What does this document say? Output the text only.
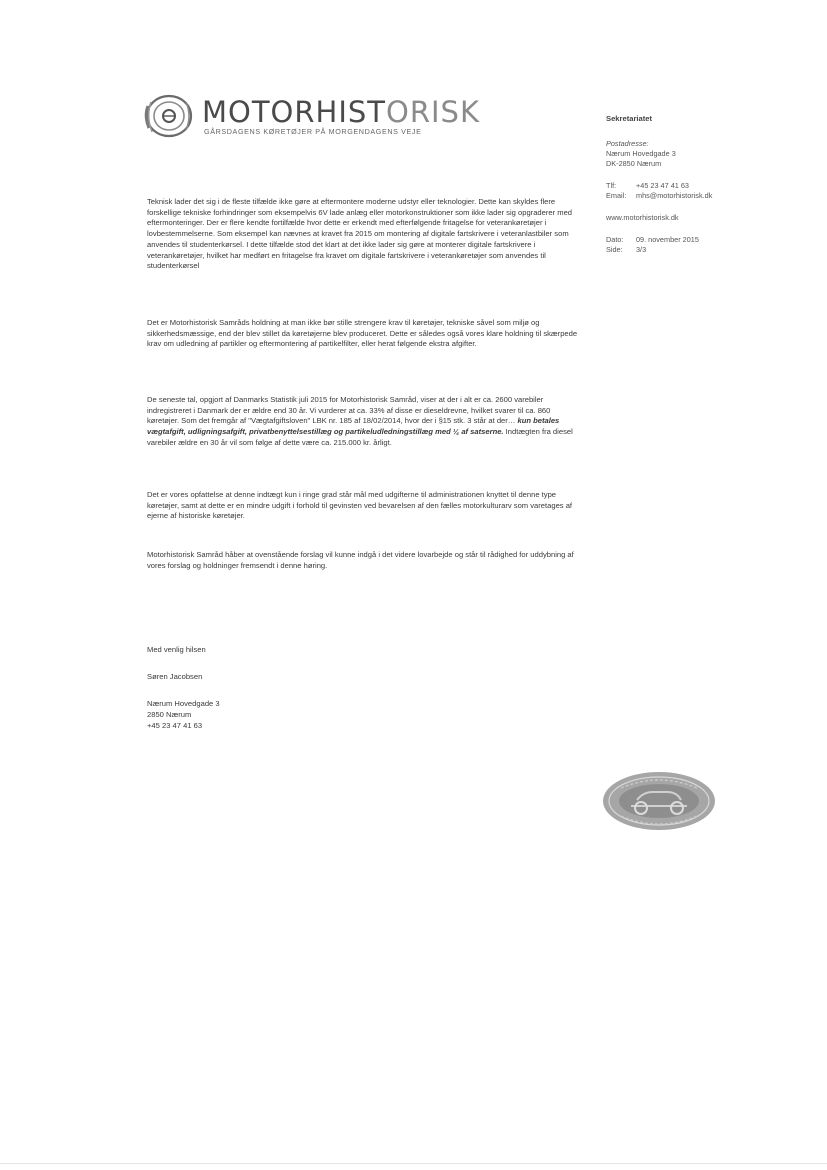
MOTORHISTORISK
GÅRSDAGENS KØRETØJER PÅ MORGENDAGENS VEJE
Sekretariatet
Postadresse:
Nærum Hovedgade 3
DK-2850 Nærum
Tlf:	+45 23 47 41 63
Email: mhs@motorhistorisk.dk
www.motorhistorisk.dk
Dato: 09. november 2015
Side: 3/3

Teknisk lader det sig i de fleste tilfælde ikke gøre at eftermontere moderne udstyr eller teknologier. Dette kan skyldes flere forskellige tekniske forhindringer som eksempelvis 6V lade anlæg eller motorkonstruktioner som ikke lader sig opgraderer med eftermonteringer. Der er flere kendte fortilfælde hvor dette er erkendt med efterfølgende fritagelse for veterankøretøjer i lovbestemmelserne. Som eksempel kan nævnes at kravet fra 2015 om montering af digitale fartskrivere i veteranlastbiler som anvendes til studenterkørsel. I dette tilfælde stod det klart at det ikke lader sig gøre at monterer digitale fartskrivere i veterankøretøjer, hvilket har medført en fritagelse fra kravet om digitale fartskrivere i veterankøretøjer som anvendes til studenterkørsel

Det er Motorhistorisk Samråds holdning at man ikke bør stille strengere krav til køretøjer, tekniske såvel som miljø og sikkerhedsmæssige, end der blev stillet da køretøjerne blev produceret. Dette er således også vores klare holdning til skærpede krav om udledning af partikler og eftermontering af partikelfilter, eller herat følgende ekstra afgifter.

De seneste tal, opgjort af Danmarks Statistik juli 2015 for Motorhistorisk Samråd, viser at der i alt er ca. 2600 varebiler indregistreret i Danmark der er ældre end 30 år. Vi vurderer at ca. 33% af disse er dieseldrevne, hvilket svarer til ca. 860 køretøjer. Som det fremgår af "Vægtafgiftsloven" LBK nr. 185 af 18/02/2014, hvor der i §15 stk. 3 står at der… kun betales vægtafgift, udligningsafgift, privatbenyttelsestillæg og partikeludledningstillæg med ¼ af satserne. Indtægten fra diesel varebiler ældre en 30 år vil som følge af dette være ca. 215.000 kr. årligt.

Det er vores opfattelse at denne indtægt kun i ringe grad står mål med udgifterne til administrationen knyttet til denne type køretøjer, samt at dette er en mindre udgift i forhold til gevinsten ved bevarelsen af den fælles motorkulturarv som varetages af ejerne af historiske køretøjer.

Motorhistorisk Samråd håber at ovenstående forslag vil kunne indgå i det videre lovarbejde og står til rådighed for uddybning af vores forslag og holdninger fremsendt i denne høring.

Med venlig hilsen
Søren Jacobsen
Nærum Hovedgade 3
2850 Nærum
+45 23 47 41 63
